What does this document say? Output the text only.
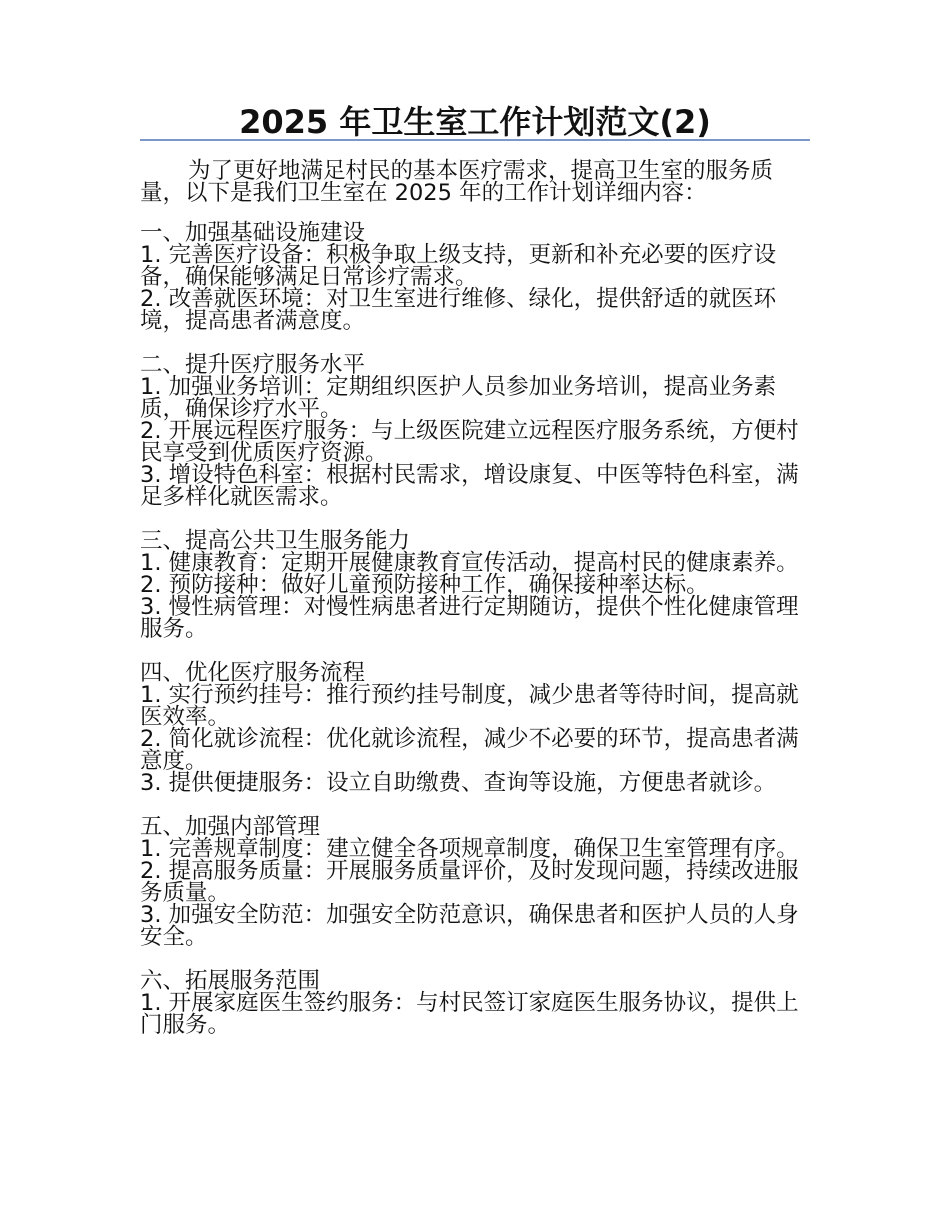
2025 年卫生室工作计划范文(2)

为了更好地满足村民的基本医疗需求，提高卫生室的服务质量，以下是我们卫生室在 2025 年的工作计划详细内容：

一、加强基础设施建设

1. 完善医疗设备：积极争取上级支持，更新和补充必要的医疗设备，确保能够满足日常诊疗需求。

2. 改善就医环境：对卫生室进行维修、绿化，提供舒适的就医环境，提高患者满意度。

二、提升医疗服务水平

1. 加强业务培训：定期组织医护人员参加业务培训，提高业务素质，确保诊疗水平。

2. 开展远程医疗服务：与上级医院建立远程医疗服务系统，方便村民享受到优质医疗资源。

3. 增设特色科室：根据村民需求，增设康复、中医等特色科室，满足多样化就医需求。

三、提高公共卫生服务能力

1. 健康教育：定期开展健康教育宣传活动，提高村民的健康素养。

2. 预防接种：做好儿童预防接种工作，确保接种率达标。

3. 慢性病管理：对慢性病患者进行定期随访，提供个性化健康管理服务。

四、优化医疗服务流程

1. 实行预约挂号：推行预约挂号制度，减少患者等待时间，提高就医效率。

2. 简化就诊流程：优化就诊流程，减少不必要的环节，提高患者满意度。

3. 提供便捷服务：设立自助缴费、查询等设施，方便患者就诊。

五、加强内部管理

1. 完善规章制度：建立健全各项规章制度，确保卫生室管理有序。

2. 提高服务质量：开展服务质量评价，及时发现问题，持续改进服务质量。

3. 加强安全防范：加强安全防范意识，确保患者和医护人员的人身安全。

六、拓展服务范围

1. 开展家庭医生签约服务：与村民签订家庭医生服务协议，提供上门服务。
